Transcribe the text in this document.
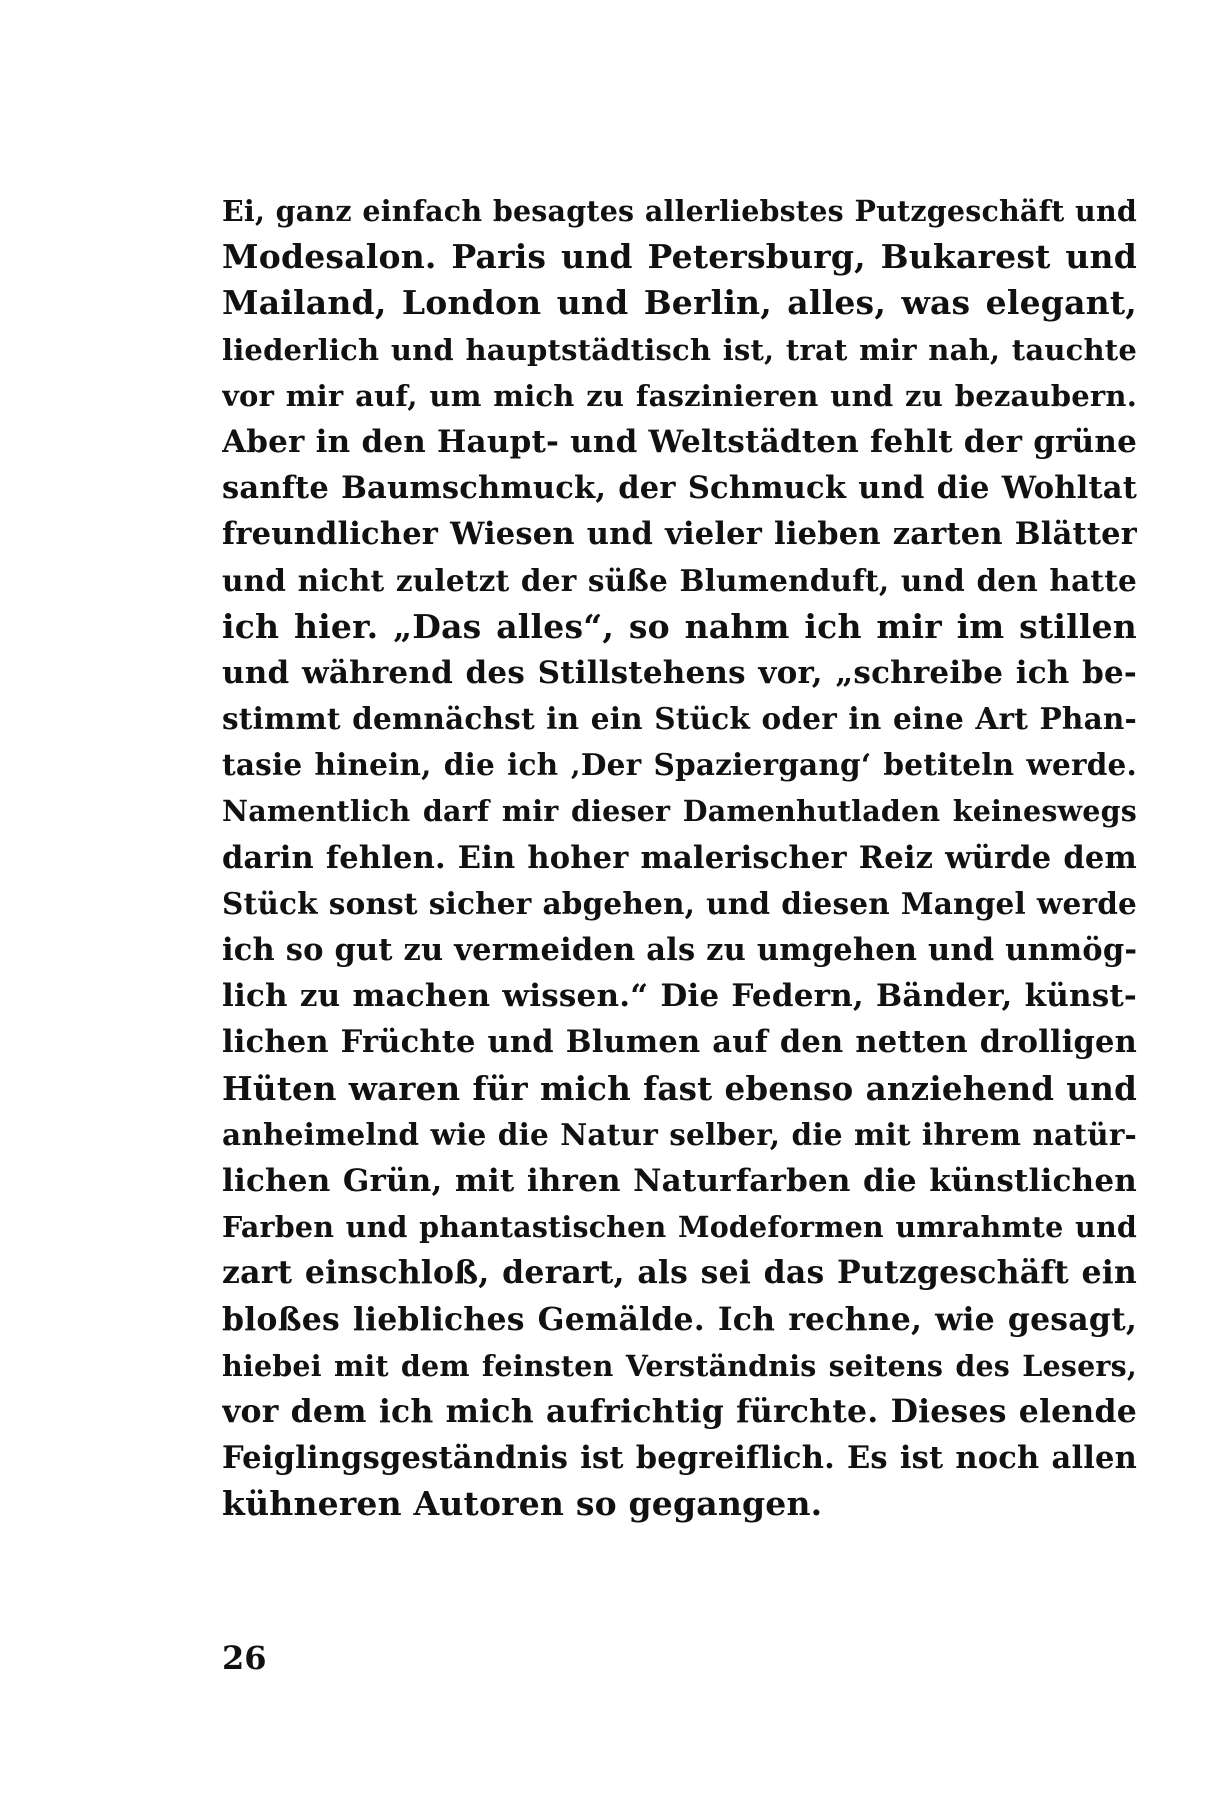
Ei, ganz einfach besagtes allerliebstes Putzgeschäft und
Modesalon. Paris und Petersburg, Bukarest und
Mailand, London und Berlin, alles, was elegant,
liederlich und hauptstädtisch ist, trat mir nah, tauchte
vor mir auf, um mich zu faszinieren und zu bezaubern.
Aber in den Haupt- und Weltstädten fehlt der grüne
sanfte Baumschmuck, der Schmuck und die Wohltat
freundlicher Wiesen und vieler lieben zarten Blätter
und nicht zuletzt der süße Blumenduft, und den hatte
ich hier. „Das alles“, so nahm ich mir im stillen
und während des Stillstehens vor, „schreibe ich be-
stimmt demnächst in ein Stück oder in eine Art Phan-
tasie hinein, die ich ‚Der Spaziergang‘ betiteln werde.
Namentlich darf mir dieser Damenhutladen keineswegs
darin fehlen. Ein hoher malerischer Reiz würde dem
Stück sonst sicher abgehen, und diesen Mangel werde
ich so gut zu vermeiden als zu umgehen und unmög-
lich zu machen wissen.“ Die Federn, Bänder, künst-
lichen Früchte und Blumen auf den netten drolligen
Hüten waren für mich fast ebenso anziehend und
anheimelnd wie die Natur selber, die mit ihrem natür-
lichen Grün, mit ihren Naturfarben die künstlichen
Farben und phantastischen Modeformen umrahmte und
zart einschloß, derart, als sei das Putzgeschäft ein
bloßes liebliches Gemälde. Ich rechne, wie gesagt,
hiebei mit dem feinsten Verständnis seitens des Lesers,
vor dem ich mich aufrichtig fürchte. Dieses elende
Feiglingsgeständnis ist begreiflich. Es ist noch allen
kühneren Autoren so gegangen.
26
